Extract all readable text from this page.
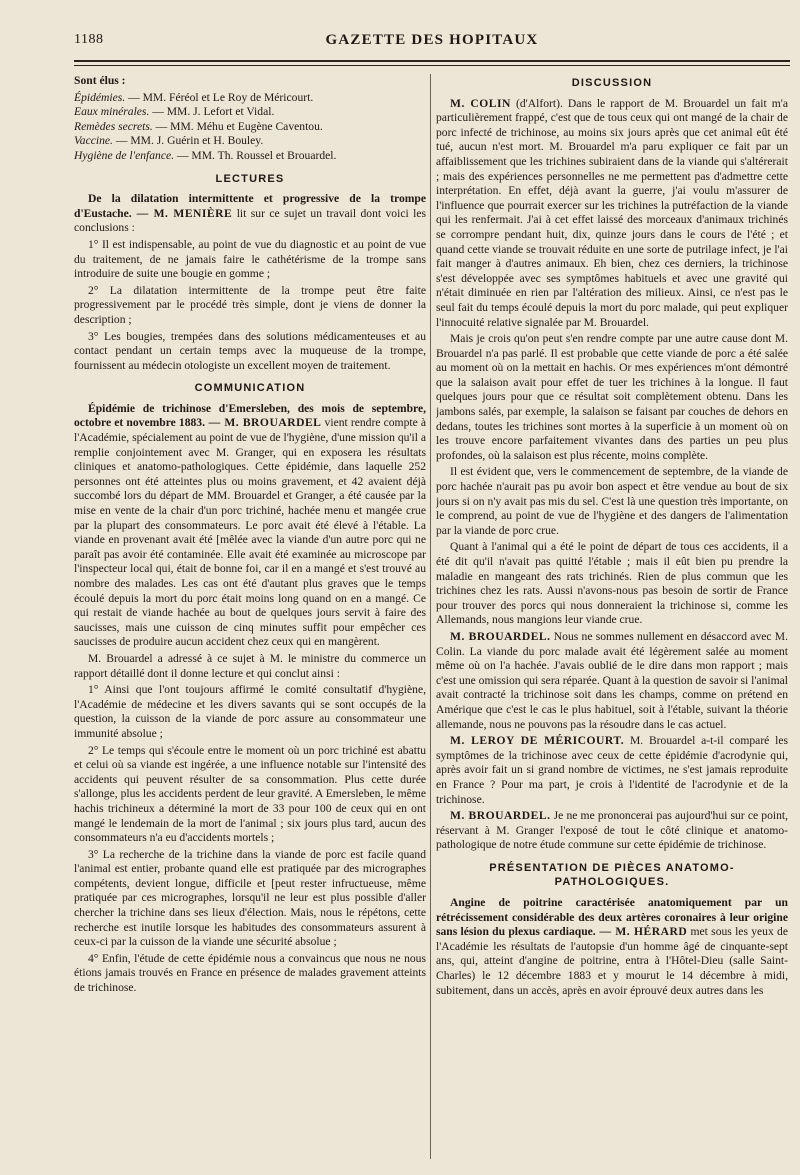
1188	GAZETTE DES HOPITAUX

Sont élus :

Épidémies. — MM. Féréol et Le Roy de Méricourt.
Eaux minérales. — MM. J. Lefort et Vidal.
Remèdes secrets. — MM. Méhu et Eugène Caventou.
Vaccine. — MM. J. Guérin et H. Bouley.
Hygiène de l'enfance. — MM. Th. Roussel et Brouardel.
LECTURES

De la dilatation intermittente et progressive de la trompe d'Eustache. — M. MENIÈRE lit sur ce sujet un travail dont voici les conclusions :

1° Il est indispensable, au point de vue du diagnostic et au point de vue du traitement, de ne jamais faire le cathétérisme de la trompe sans introduire de suite une bougie en gomme ;

2° La dilatation intermittente de la trompe peut être faite progressivement par le procédé très simple, dont je viens de donner la description ;

3° Les bougies, trempées dans des solutions médicamenteuses et au contact pendant un certain temps avec la muqueuse de la trompe, fournissent au médecin otologiste un excellent moyen de traitement.

COMMUNICATION

Épidémie de trichinose d'Emersleben, des mois de septembre, octobre et novembre 1883. — M. BROUARDEL vient rendre compte à l'Académie, spécialement au point de vue de l'hygiène, d'une mission qu'il a remplie conjointement avec M. Granger, qui en exposera les résultats cliniques et anatomo-pathologiques. Cette épidémie, dans laquelle 252 personnes ont été atteintes plus ou moins gravement, et 42 avaient déjà succombé lors du départ de MM. Brouardel et Granger, a été causée par la mise en vente de la chair d'un porc trichiné, hachée menu et mangée crue par la plupart des consommateurs. Le porc avait été élevé à l'étable. La viande en provenant avait été [mêlée avec la viande d'un autre porc qui ne paraît pas avoir été contaminée. Elle avait été examinée au microscope par l'inspecteur local qui, était de bonne foi, car il en a mangé et s'est trouvé au nombre des malades. Les cas ont été d'autant plus graves que le temps écoulé depuis la mort du porc était moins long quand on en a mangé. Ce qui restait de viande hachée au bout de quelques jours servit à faire des saucisses, mais une cuisson de cinq minutes suffit pour empêcher ces saucisses de produire aucun accident chez ceux qui en mangèrent.

M. Brouardel a adressé à ce sujet à M. le ministre du commerce un rapport détaillé dont il donne lecture et qui conclut ainsi :

1° Ainsi que l'ont toujours affirmé le comité consultatif d'hygiène, l'Académie de médecine et les divers savants qui se sont occupés de la question, la cuisson de la viande de porc assure au consommateur une immunité absolue ;

2° Le temps qui s'écoule entre le moment où un porc trichiné est abattu et celui où sa viande est ingérée, a une influence notable sur l'intensité des accidents qui peuvent résulter de sa consommation. Plus cette durée s'allonge, plus les accidents perdent de leur gravité. A Emersleben, le même hachis trichineux a déterminé la mort de 33 pour 100 de ceux qui en ont mangé le lendemain de la mort de l'animal ; six jours plus tard, aucun des consommateurs n'a eu d'accidents mortels ;

3° La recherche de la trichine dans la viande de porc est facile quand l'animal est entier, probante quand elle est pratiquée par des micrographes compétents, devient longue, difficile et [peut rester infructueuse, même pratiquée par ces micrographes, lorsqu'il ne leur est plus possible d'aller chercher la trichine dans ses lieux d'élection. Mais, nous le répétons, cette recherche est inutile lorsque les habitudes des consommateurs assurent à ceux-ci par la cuisson de la viande une sécurité absolue ;

4° Enfin, l'étude de cette épidémie nous a convaincus que nous ne nous étions jamais trouvés en France en présence de malades gravement atteints de trichinose.

DISCUSSION

M. COLIN (d'Alfort). Dans le rapport de M. Brouardel un fait m'a particulièrement frappé, c'est que de tous ceux qui ont mangé de la chair de porc infecté de trichinose, au moins six jours après que cet animal eût été tué, aucun n'est mort. M. Brouardel m'a paru expliquer ce fait par un affaiblissement que les trichines subiraient dans de la viande qui s'altérerait ; mais des expériences personnelles ne me permettent pas d'admettre cette interprétation. En effet, déjà avant la guerre, j'ai voulu m'assurer de l'influence que pourrait exercer sur les trichines la putréfaction de la viande qui les renfermait. J'ai à cet effet laissé des morceaux d'animaux trichinés se corrompre pendant huit, dix, quinze jours dans le cours de l'été ; et quand cette viande se trouvait réduite en une sorte de putrilage infect, je l'ai fait manger à d'autres animaux. Eh bien, chez ces derniers, la trichinose s'est développée avec ses symptômes habituels et avec une gravité qui n'était diminuée en rien par l'altération des milieux. Ainsi, ce n'est pas le seul fait du temps écoulé depuis la mort du porc malade, qui peut expliquer l'innocuité relative signalée par M. Brouardel.

Mais je crois qu'on peut s'en rendre compte par une autre cause dont M. Brouardel n'a pas parlé. Il est probable que cette viande de porc a été salée au moment où on la mettait en hachis. Or mes expériences m'ont démontré que la salaison avait pour effet de tuer les trichines à la longue. Il faut quelques jours pour que ce résultat soit complètement obtenu. Dans les jambons salés, par exemple, la salaison se faisant par couches de dehors en dedans, toutes les trichines sont mortes à la superficie à un moment où on les trouve encore parfaitement vivantes dans des parties un peu plus profondes, où la salaison est plus récente, moins complète.

Il est évident que, vers le commencement de septembre, de la viande de porc hachée n'aurait pas pu avoir bon aspect et être vendue au bout de six jours si on n'y avait pas mis du sel. C'est là une question très importante, on le comprend, au point de vue de l'hygiène et des dangers de l'alimentation par la viande de porc crue.

Quant à l'animal qui a été le point de départ de tous ces accidents, il a été dit qu'il n'avait pas quitté l'étable ; mais il eût bien pu prendre la maladie en mangeant des rats trichinés. Rien de plus commun que les trichines chez les rats. Aussi n'avons-nous pas besoin de sortir de France pour trouver des porcs qui nous donneraient la trichinose si, comme les Allemands, nous mangions leur viande crue.

M. BROUARDEL. Nous ne sommes nullement en désaccord avec M. Colin. La viande du porc malade avait été légèrement salée au moment même où on l'a hachée. J'avais oublié de le dire dans mon rapport ; mais c'est une omission qui sera réparée. Quant à la question de savoir si l'animal avait contracté la trichinose soit dans les champs, comme on prétend en Amérique que c'est le cas le plus habituel, soit à l'étable, suivant la théorie allemande, nous ne pouvons pas la résoudre dans le cas actuel.

M. LEROY DE MÉRICOURT. M. Brouardel a-t-il comparé les symptômes de la trichinose avec ceux de cette épidémie d'acrodynie qui, après avoir fait un si grand nombre de victimes, ne s'est jamais reproduite en France ? Pour ma part, je crois à l'identité de l'acrodynie et de la trichinose.

M. BROUARDEL. Je ne me prononcerai pas aujourd'hui sur ce point, réservant à M. Granger l'exposé de tout le côté clinique et anatomo-pathologique de notre étude commune sur cette épidémie de trichinose.

PRÉSENTATION DE PIÈCES ANATOMO-PATHOLOGIQUES.

Angine de poitrine caractérisée anatomiquement par un rétrécissement considérable des deux artères coronaires à leur origine sans lésion du plexus cardiaque. — M. HÉRARD met sous les yeux de l'Académie les résultats de l'autopsie d'un homme âgé de cinquante-sept ans, qui, atteint d'angine de poitrine, entra à l'Hôtel-Dieu (salle Saint-Charles) le 12 décembre 1883 et y mourut le 14 décembre à midi, subitement, dans un accès, après en avoir éprouvé deux autres dans les
